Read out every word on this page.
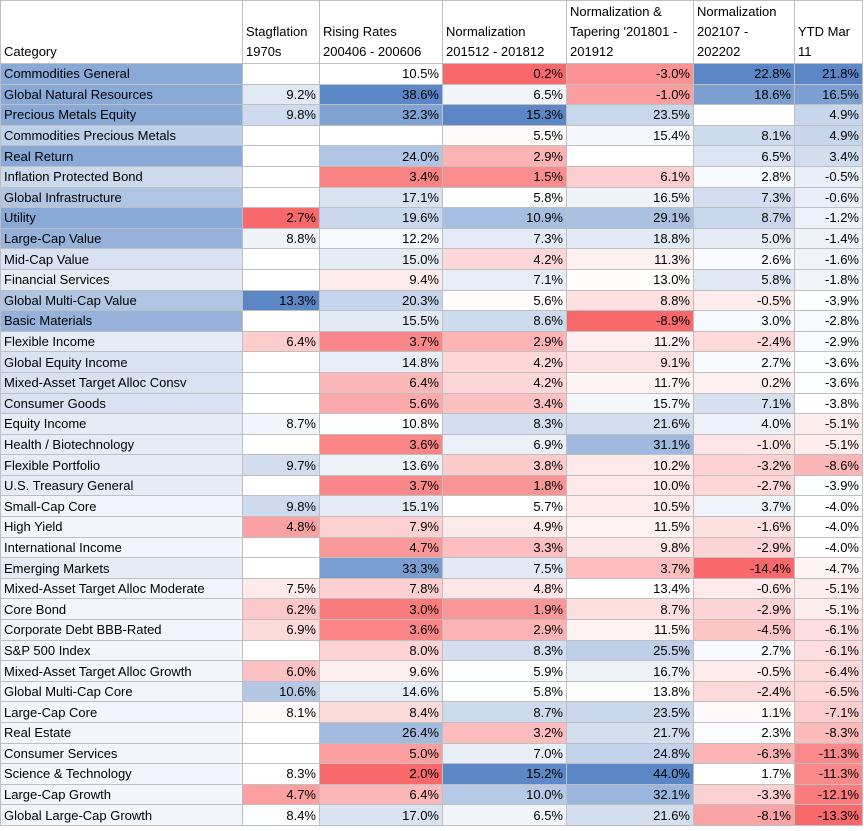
Category	Stagflation 1970s	Rising Rates 200406 - 200606	Normalization 201512 - 201812	Normalization & Tapering '201801 - 201912	Normalization 202107 - 202202	YTD Mar 11
Commodities General		10.5%	0.2%	-3.0%	22.8%	21.8%
Global Natural Resources	9.2%	38.6%	6.5%	-1.0%	18.6%	16.5%
Precious Metals Equity	9.8%	32.3%	15.3%	23.5%		4.9%
Commodities Precious Metals			5.5%	15.4%	8.1%	4.9%
Real Return		24.0%	2.9%		6.5%	3.4%
Inflation Protected Bond		3.4%	1.5%	6.1%	2.8%	-0.5%
Global Infrastructure		17.1%	5.8%	16.5%	7.3%	-0.6%
Utility	2.7%	19.6%	10.9%	29.1%	8.7%	-1.2%
Large-Cap Value	8.8%	12.2%	7.3%	18.8%	5.0%	-1.4%
Mid-Cap Value		15.0%	4.2%	11.3%	2.6%	-1.6%
Financial Services		9.4%	7.1%	13.0%	5.8%	-1.8%
Global Multi-Cap Value	13.3%	20.3%	5.6%	8.8%	-0.5%	-3.9%
Basic Materials		15.5%	8.6%	-8.9%	3.0%	-2.8%
Flexible Income	6.4%	3.7%	2.9%	11.2%	-2.4%	-2.9%
Global Equity Income		14.8%	4.2%	9.1%	2.7%	-3.6%
Mixed-Asset Target Alloc Consv		6.4%	4.2%	11.7%	0.2%	-3.6%
Consumer Goods		5.6%	3.4%	15.7%	7.1%	-3.8%
Equity Income	8.7%	10.8%	8.3%	21.6%	4.0%	-5.1%
Health / Biotechnology		3.6%	6.9%	31.1%	-1.0%	-5.1%
Flexible Portfolio	9.7%	13.6%	3.8%	10.2%	-3.2%	-8.6%
U.S. Treasury General		3.7%	1.8%	10.0%	-2.7%	-3.9%
Small-Cap Core	9.8%	15.1%	5.7%	10.5%	3.7%	-4.0%
High Yield	4.8%	7.9%	4.9%	11.5%	-1.6%	-4.0%
International Income		4.7%	3.3%	9.8%	-2.9%	-4.0%
Emerging Markets		33.3%	7.5%	3.7%	-14.4%	-4.7%
Mixed-Asset Target Alloc Moderate	7.5%	7.8%	4.8%	13.4%	-0.6%	-5.1%
Core Bond	6.2%	3.0%	1.9%	8.7%	-2.9%	-5.1%
Corporate Debt BBB-Rated	6.9%	3.6%	2.9%	11.5%	-4.5%	-6.1%
S&P 500 Index		8.0%	8.3%	25.5%	2.7%	-6.1%
Mixed-Asset Target Alloc Growth	6.0%	9.6%	5.9%	16.7%	-0.5%	-6.4%
Global Multi-Cap Core	10.6%	14.6%	5.8%	13.8%	-2.4%	-6.5%
Large-Cap Core	8.1%	8.4%	8.7%	23.5%	1.1%	-7.1%
Real Estate		26.4%	3.2%	21.7%	2.3%	-8.3%
Consumer Services		5.0%	7.0%	24.8%	-6.3%	-11.3%
Science & Technology	8.3%	2.0%	15.2%	44.0%	1.7%	-11.3%
Large-Cap Growth	4.7%	6.4%	10.0%	32.1%	-3.3%	-12.1%
Global Large-Cap Growth	8.4%	17.0%	6.5%	21.6%	-8.1%	-13.3%
